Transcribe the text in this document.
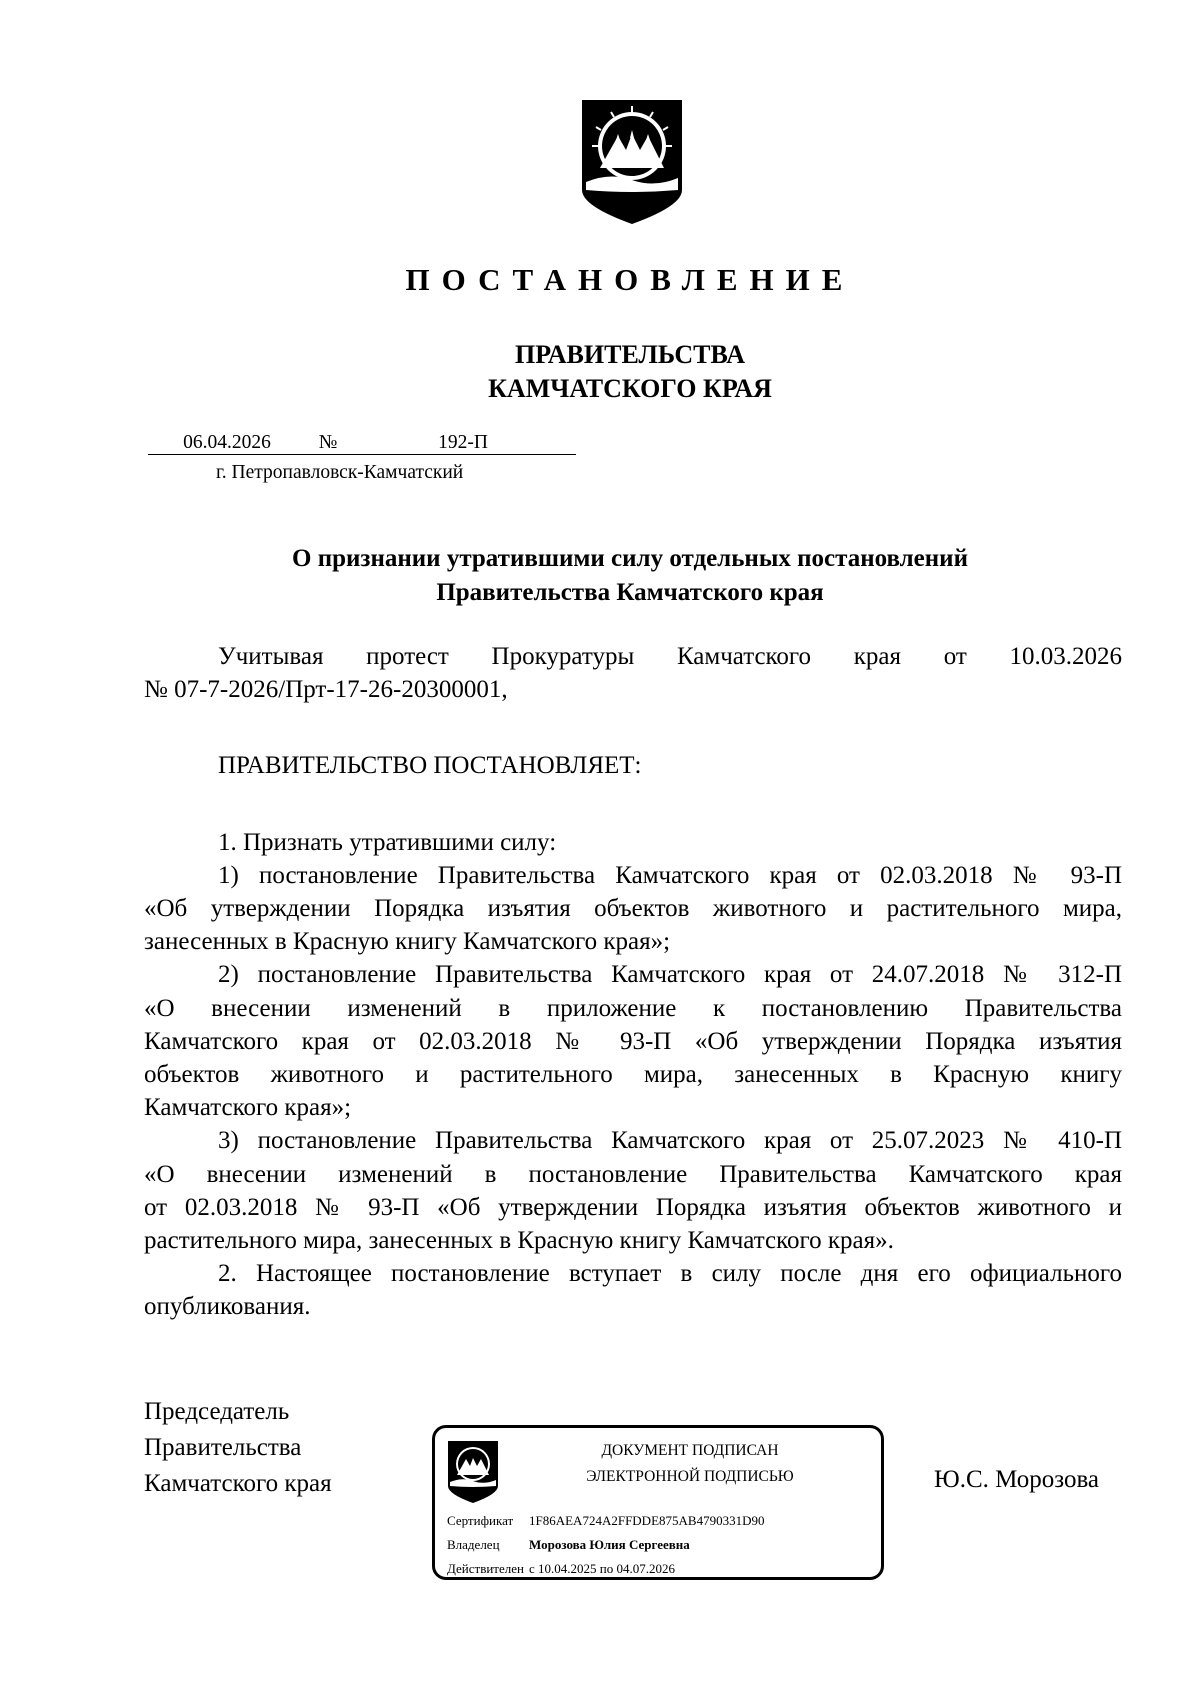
ПОСТАНОВЛЕНИЕ
ПРАВИТЕЛЬСТВА
КАМЧАТСКОГО КРАЯ
06.04.2026 №	192-П
г. Петропавловск-Камчатский
О признании утратившими силу отдельных постановлений
Правительства Камчатского края

Учитывая протест Прокуратуры Камчатского края от 10.03.2026

№ 07-7-2026/Прт-17-26-20300001,

ПРАВИТЕЛЬСТВО ПОСТАНОВЛЯЕТ:

1. Признать утратившими силу:

1) постановление Правительства Камчатского края от 02.03.2018 № 93-П

«Об утверждении Порядка изъятия объектов животного и растительного мира,

занесенных в Красную книгу Камчатского края»;

2) постановление Правительства Камчатского края от 24.07.2018 № 312-П

«О внесении изменений в приложение к постановлению Правительства

Камчатского края от 02.03.2018 № 93-П «Об утверждении Порядка изъятия

объектов животного и растительного мира, занесенных в Красную книгу

Камчатского края»;

3) постановление Правительства Камчатского края от 25.07.2023 № 410-П

«О внесении изменений в постановление Правительства Камчатского края

от 02.03.2018 № 93-П «Об утверждении Порядка изъятия объектов животного и

растительного мира, занесенных в Красную книгу Камчатского края».

2. Настоящее постановление вступает в силу после дня его официального

опубликования.

Председатель
Правительства
Камчатского края
ДОКУМЕНТ ПОДПИСАН
ЭЛЕКТРОННОЙ ПОДПИСЬЮ
Сертификат 1F86AEA724A2FFDDE875AB4790331D90
Владелец Морозова Юлия Сергеевна
Действителен с 10.04.2025 по 04.07.2026
Ю.С. Морозова
